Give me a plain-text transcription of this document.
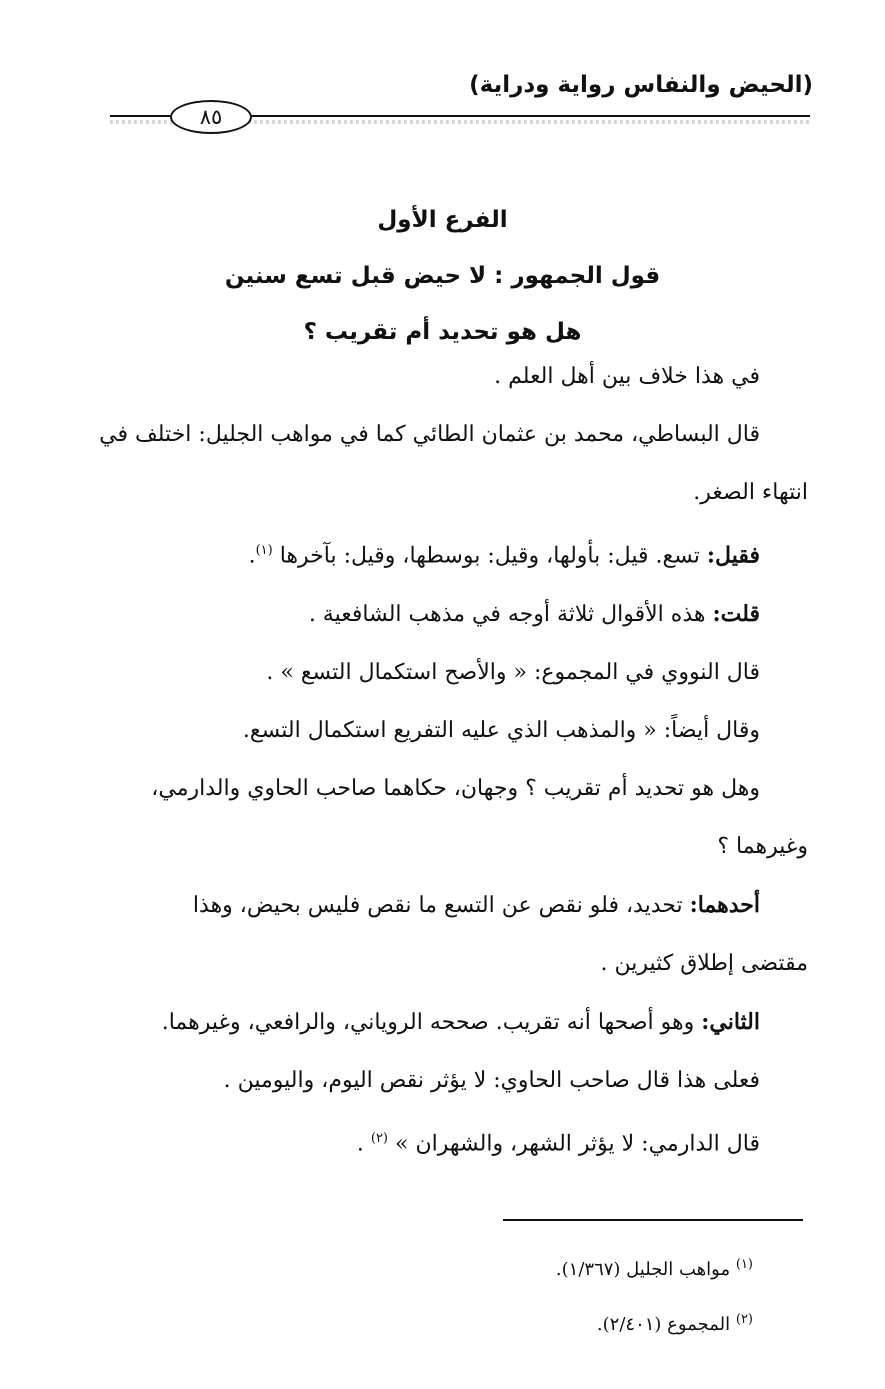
(الحيض والنفاس رواية ودراية)
٨٥
الفرع الأول
قول الجمهور : لا حيض قبل تسع سنين
هل هو تحديد أم تقريب ؟
في هذا خلاف بين أهل العلم .
قال البساطي، محمد بن عثمان الطائي كما في مواهب الجليل: اختلف في
انتهاء الصغر.
فقيل: تسع. قيل: بأولها، وقيل: بوسطها، وقيل: بآخرها $^{(١)}$.
قلت: هذه الأقوال ثلاثة أوجه في مذهب الشافعية .
قال النووي في المجموع: « والأصح استكمال التسع » .
وقال أيضاً: « والمذهب الذي عليه التفريع استكمال التسع.
وهل هو تحديد أم تقريب ؟ وجهان، حكاهما صاحب الحاوي والدارمي،
وغيرهما ؟
أحدهما: تحديد، فلو نقص عن التسع ما نقص فليس بحيض، وهذا
مقتضى إطلاق كثيرين .
الثاني: وهو أصحها أنه تقريب. صححه الروياني، والرافعي، وغيرهما.
فعلى هذا قال صاحب الحاوي: لا يؤثر نقص اليوم، واليومين .
قال الدارمي: لا يؤثر الشهر، والشهران » $^{(٢)}$ .
$^{(١)}$ مواهب الجليل (١/٣٦٧).
$^{(٢)}$ المجموع (٢/٤٠١).
